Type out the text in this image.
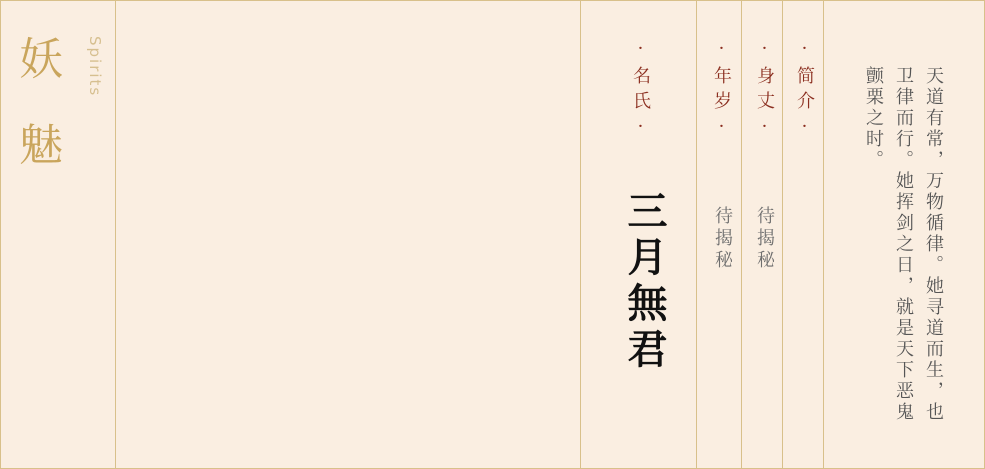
妖
魅
Spirits	·名氏·
三月無君
·年岁·
待揭秘
·身丈·
待揭秘
·简介·	天道有常，万物循律。她寻道而生，也卫律而行。她挥剑之日，就是天下恶鬼颤栗之时。
